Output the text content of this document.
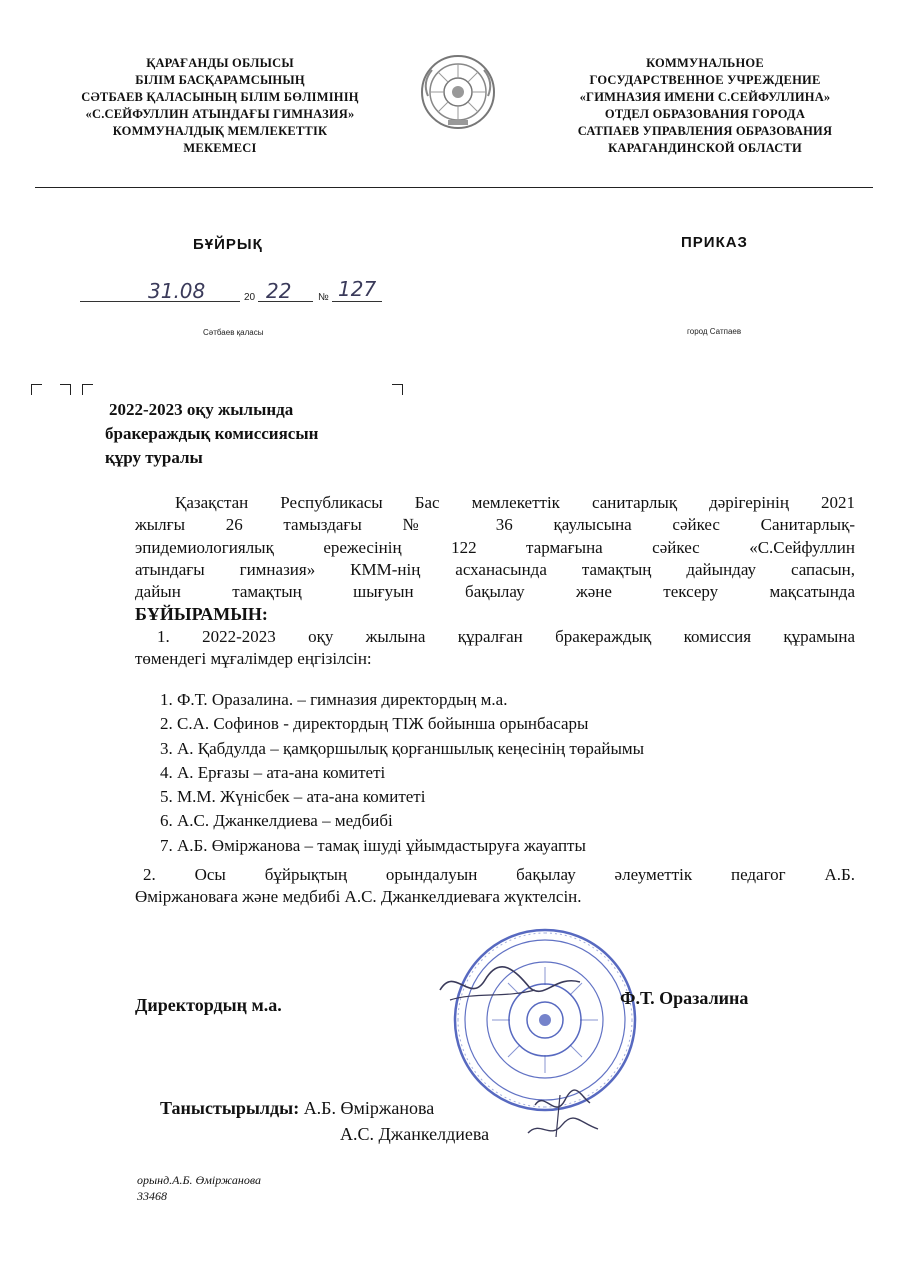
ҚАРАҒАНДЫ ОБЛЫСЫ
БІЛІМ БАСҚАРАМСЫНЫҢ
СӘТБАЕВ ҚАЛАСЫНЫҢ БІЛІМ БӨЛІМІНІҢ
«С.СЕЙФУЛЛИН АТЫНДАҒЫ ГИМНАЗИЯ»
КОММУНАЛДЫҚ МЕМЛЕКЕТТІК
МЕКЕМЕСІ
КОММУНАЛЬНОЕ
ГОСУДАРСТВЕННОЕ УЧРЕЖДЕНИЕ
«ГИМНАЗИЯ ИМЕНИ С.СЕЙФУЛЛИНА»
ОТДЕЛ ОБРАЗОВАНИЯ ГОРОДА
САТПАЕВ УПРАВЛЕНИЯ ОБРАЗОВАНИЯ
КАРАГАНДИНСКОЙ ОБЛАСТИ
БҰЙРЫҚ	ПРИКАЗ
31.08	20 22	№ 127
Сәтбаев қаласы	город Сатпаев
2022-2023 оқу жылында
бракераждық комиссиясын
құру туралы
Қазақстан Республикасы Бас мемлекеттік санитарлық дәрігерінің 2021
жылғы 26 тамыздағы № 36 қаулысына сәйкес Санитарлық-
эпидемиологиялық ережесінің 122 тармағына сәйкес «С.Сейфуллин
атындағы гимназия» КММ-нің асханасында тамақтың дайындау сапасын,
дайын тамақтың шығуын бақылау және тексеру мақсатында
БҰЙЫРАМЫН:
1. 2022-2023 оқу жылына құралған бракераждық комиссия құрамына
төмендегі мұғалімдер еңгізілсін:
1. Ф.Т. Оразалина. – гимназия директордың м.а.
2. С.А. Софинов - директордың ТІЖ бойынша орынбасары
3. А. Қабдулда – қамқоршылық қорғаншылық кеңесінің төрайымы
4. А. Ерғазы – ата-ана комитеті
5. М.М. Жүнісбек – ата-ана комитеті
6. А.С. Джанкелдиева – медбибі
7. А.Б. Өміржанова – тамақ ішуді ұйымдастыруға жауапты
2. Осы бұйрықтың орындалуын бақылау әлеуметтік педагог А.Б.
Өміржановаға және медбибі А.С. Джанкелдиеваға жүктелсін.
Директордың м.а.	Ф.Т. Оразалина
Таныстырылды: А.Б. Өміржанова
А.С. Джанкелдиева
орынд.А.Б. Өміржанова
33468
